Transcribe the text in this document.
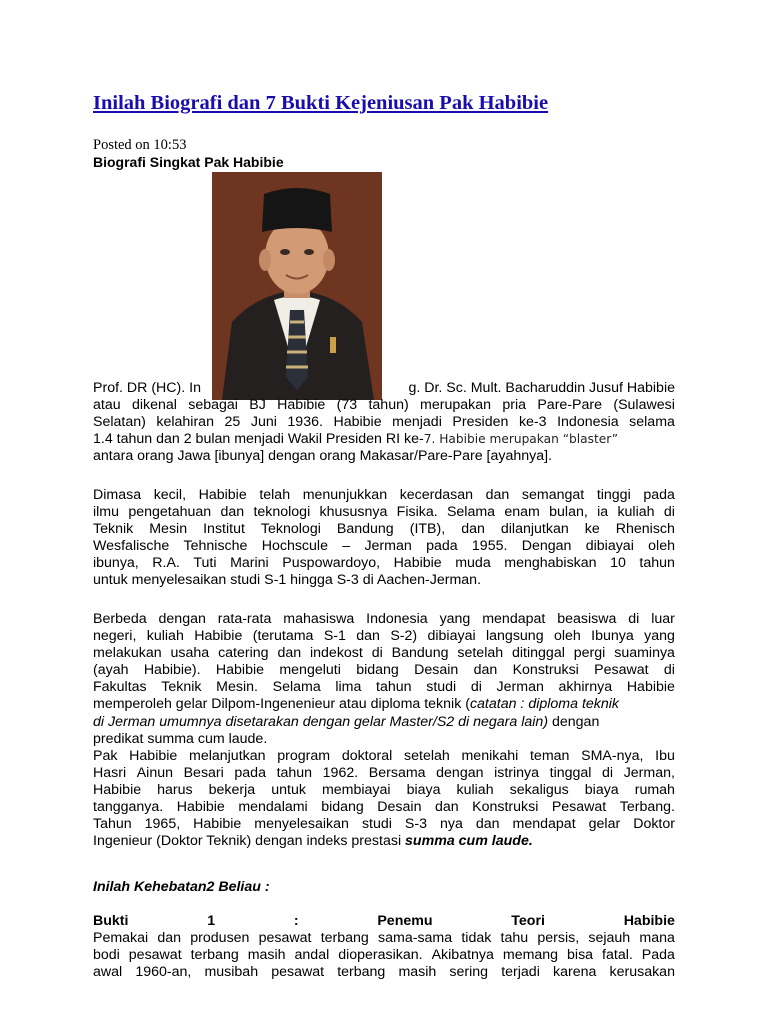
Inilah Biografi dan 7 Bukti Kejeniusan Pak Habibie
Posted on 10:53
Biografi Singkat Pak Habibie
Prof. DR (HC). In	g. Dr. Sc. Mult. Bacharuddin Jusuf Habibie
atau dikenal sebagai BJ Habibie (73 tahun) merupakan pria Pare-Pare (Sulawesi
Selatan) kelahiran 25 Juni 1936. Habibie menjadi Presiden ke-3 Indonesia selama
1.4 tahun dan 2 bulan menjadi Wakil Presiden RI ke-7. Habibie merupakan “blaster”
antara orang Jawa [ibunya] dengan orang Makasar/Pare-Pare [ayahnya].
Dimasa kecil, Habibie telah menunjukkan kecerdasan dan semangat tinggi pada
ilmu pengetahuan dan teknologi khususnya Fisika. Selama enam bulan, ia kuliah di
Teknik Mesin Institut Teknologi Bandung (ITB), dan dilanjutkan ke Rhenisch
Wesfalische Tehnische Hochscule – Jerman pada 1955. Dengan dibiayai oleh
ibunya, R.A. Tuti Marini Puspowardoyo, Habibie muda menghabiskan 10 tahun
untuk menyelesaikan studi S-1 hingga S-3 di Aachen-Jerman.
Berbeda dengan rata-rata mahasiswa Indonesia yang mendapat beasiswa di luar
negeri, kuliah Habibie (terutama S-1 dan S-2) dibiayai langsung oleh Ibunya yang
melakukan usaha catering dan indekost di Bandung setelah ditinggal pergi suaminya
(ayah Habibie). Habibie mengeluti bidang Desain dan Konstruksi Pesawat di
Fakultas Teknik Mesin. Selama lima tahun studi di Jerman akhirnya Habibie
memperoleh gelar Dilpom-Ingenenieur atau diploma teknik (catatan : diploma teknik
di Jerman umumnya disetarakan dengan gelar Master/S2 di negara lain) dengan
predikat summa cum laude.
Pak Habibie melanjutkan program doktoral setelah menikahi teman SMA-nya, Ibu
Hasri Ainun Besari pada tahun 1962. Bersama dengan istrinya tinggal di Jerman,
Habibie harus bekerja untuk membiayai biaya kuliah sekaligus biaya rumah
tangganya. Habibie mendalami bidang Desain dan Konstruksi Pesawat Terbang.
Tahun 1965, Habibie menyelesaikan studi S-3 nya dan mendapat gelar Doktor
Ingenieur (Doktor Teknik) dengan indeks prestasi summa cum laude.
Inilah Kehebatan2 Beliau :
Bukti	1	:	Penemu	Teori	Habibie
Pemakai dan produsen pesawat terbang sama-sama tidak tahu persis, sejauh mana
bodi pesawat terbang masih andal dioperasikan. Akibatnya memang bisa fatal. Pada
awal 1960-an, musibah pesawat terbang masih sering terjadi karena kerusakan
